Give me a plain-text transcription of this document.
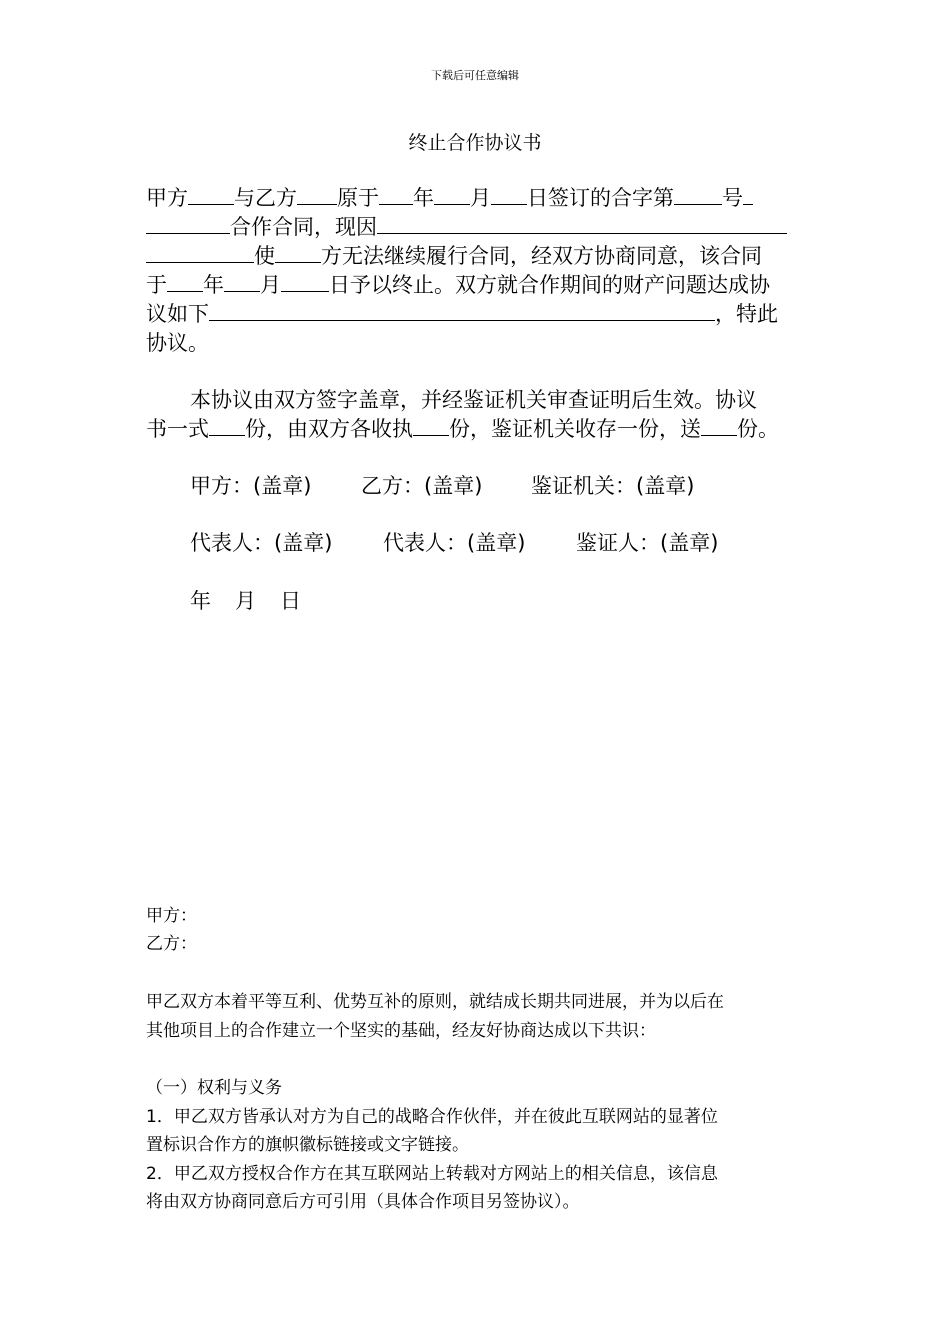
下载后可任意编辑
终止合作协议书
甲方 与乙方 原于 年 月 日签订的合字第 号
合作合同，现因
使 方无法继续履行合同，经双方协商同意，该合同
于 年 月 日予以终止。双方就合作期间的财产问题达成协
议如下	，特此
协议。
本协议由双方签字盖章，并经鉴证机关审查证明后生效。协议
书一式 份，由双方各收执 份，鉴证机关收存一份，送 份。
甲方：(盖章) 乙方：(盖章) 鉴证机关：(盖章)
代表人：(盖章) 代表人：(盖章) 鉴证人：(盖章)
年 月 日
甲方：
乙方：
甲乙双方本着平等互利、优势互补的原则，就结成长期共同进展，并为以后在
其他项目上的合作建立一个坚实的基础，经友好协商达成以下共识：
（一）权利与义务
1．甲乙双方皆承认对方为自己的战略合作伙伴，并在彼此互联网站的显著位
置标识合作方的旗帜徽标链接或文字链接。
2．甲乙双方授权合作方在其互联网站上转载对方网站上的相关信息，该信息
将由双方协商同意后方可引用（具体合作项目另签协议）。
